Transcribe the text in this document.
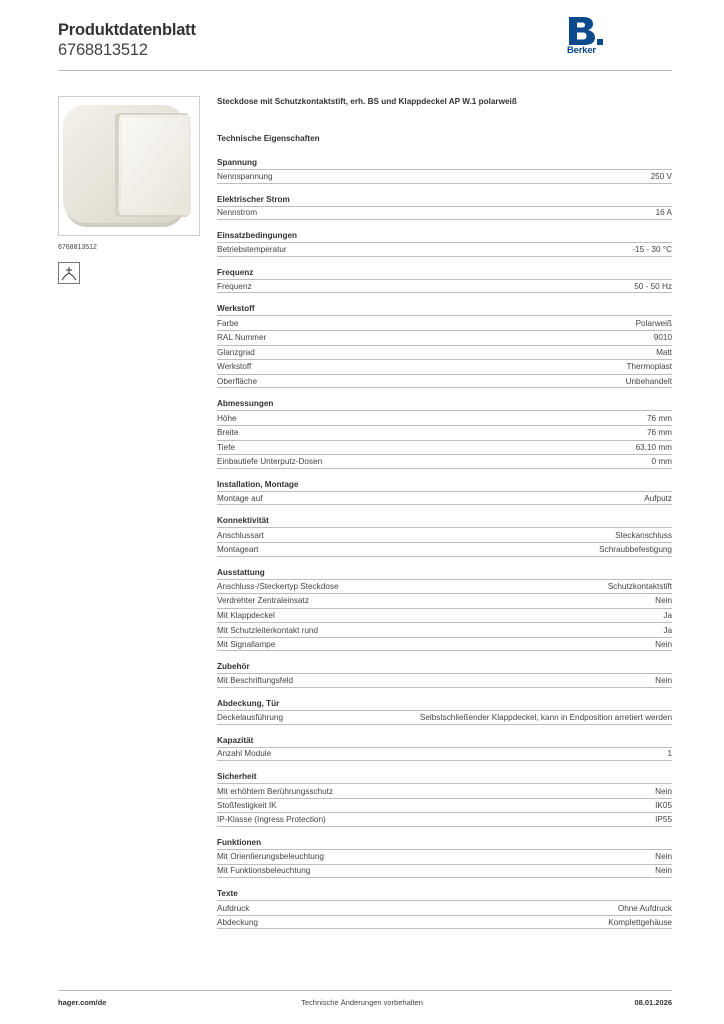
Produktdatenblatt
6768813512	Berker
6768813512
Steckdose mit Schutzkontaktstift, erh. BS und Klappdeckel AP W.1 polarweiß
Technische Eigenschaften
Spannung
Nennspannung	250 V
Elektrischer Strom
Nennstrom	16 A
Einsatzbedingungen
Betriebstemperatur	-15 - 30 °C
Frequenz
Frequenz	50 - 50 Hz
Werkstoff
Farbe	Polarweiß
RAL Nummer	9010
Glanzgrad	Matt
Werkstoff	Thermoplast
Oberfläche	Unbehandelt
Abmessungen
Höhe	76 mm
Breite	76 mm
Tiefe	63,10 mm
Einbautiefe Unterputz-Dosen	0 mm
Installation, Montage
Montage auf	Aufputz
Konnektivität
Anschlussart	Steckanschluss
Montageart	Schraubbefestigung
Ausstattung
Anschluss-/Steckertyp Steckdose	Schutzkontaktstift
Verdrehter Zentraleinsatz	Nein
Mit Klappdeckel	Ja
Mit Schutzleiterkontakt rund	Ja
Mit Signallampe	Nein
Zubehör
Mit Beschriftungsfeld	Nein
Abdeckung, Tür
Deckelausführung	Selbstschließender Klappdeckel, kann in Endposition arretiert werden
Kapazität
Anzahl Module	1
Sicherheit
Mit erhöhtem Berührungsschutz	Nein
Stoßfestigkeit IK	IK05
IP-Klasse (Ingress Protection)	IP55
Funktionen
Mit Orientierungsbeleuchtung	Nein
Mit Funktionsbeleuchtung	Nein
Texte
Aufdruck	Ohne Aufdruck
Abdeckung	Komplettgehäuse
hager.com/de	Technische Änderungen vorbehalten	08.01.2026
